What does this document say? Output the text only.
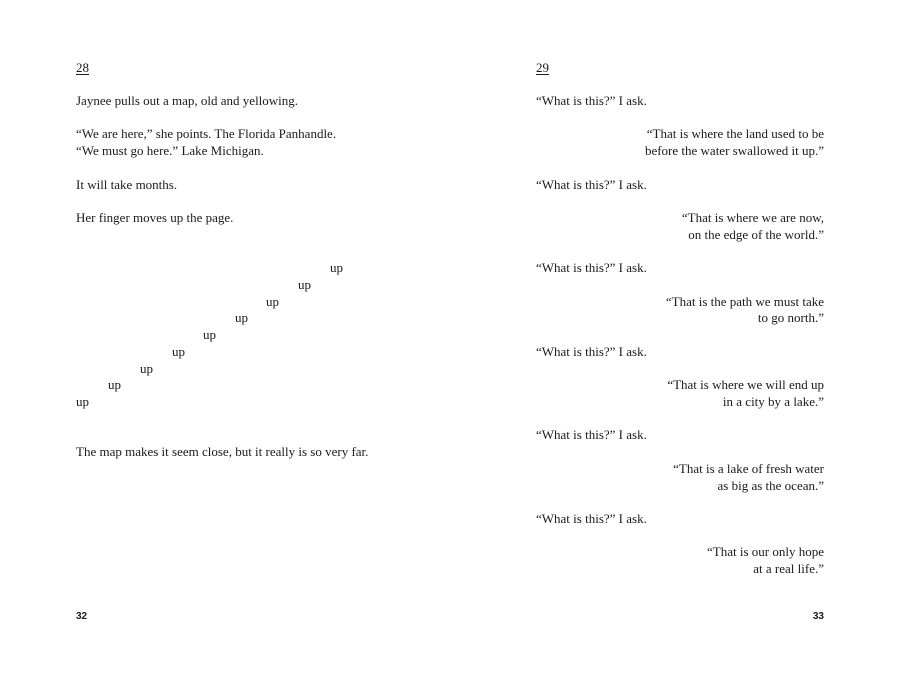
28
Jaynee pulls out a map, old and yellowing.
“We are here,” she points. The Florida Panhandle.
“We must go here.” Lake Michigan.
It will take months.
Her finger moves up the page.
up
up
up
up
up
up
up
up
up
The map makes it seem close, but it really is so very far.
32
29
“What is this?” I ask.
“That is where the land used to be
before the water swallowed it up.”
“What is this?” I ask.
“That is where we are now,
on the edge of the world.”
“What is this?” I ask.
“That is the path we must take
to go north.”
“What is this?” I ask.
“That is where we will end up
in a city by a lake.”
“What is this?” I ask.
“That is a lake of fresh water
as big as the ocean.”
“What is this?” I ask.
“That is our only hope
at a real life.”
33
